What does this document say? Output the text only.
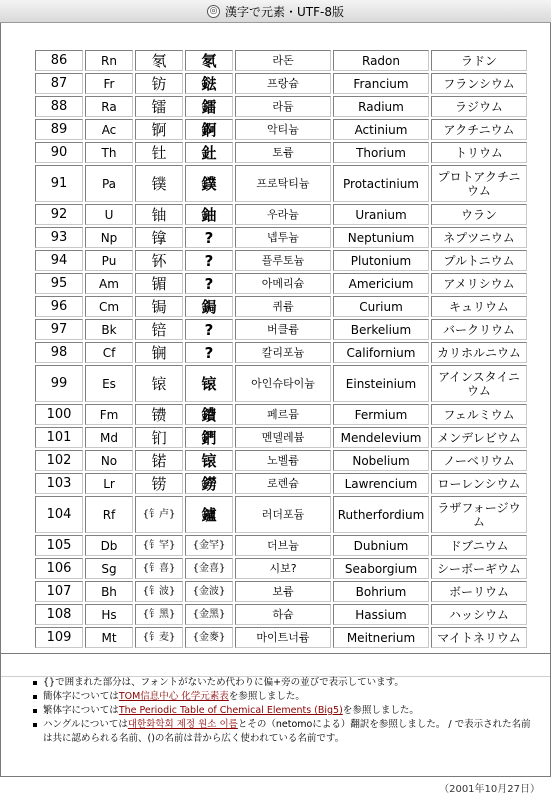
◎ 漢字で元素・UTF-8版
86	Rn	氡	氡	라돈	Radon	ラドン
87	Fr	钫	鍅	프랑슘	Francium	フランシウム
88	Ra	镭	鐳	라듐	Radium	ラジウム
89	Ac	锕	錒	악티늄	Actinium	アクチニウム
90	Th	钍	釷	토륨	Thorium	トリウム
91	Pa	镤	鏷	프로탁티늄	Protactinium	プロトアクチニウム
92	U	铀	鈾	우라늄	Uranium	ウラン
93	Np	镎	?	넵투늄	Neptunium	ネプツニウム
94	Pu	钚	?	플루토늄	Plutonium	プルトニウム
95	Am	镅	?	아메리슘	Americium	アメリシウム
96	Cm	锔	鋦	퀴륨	Curium	キュリウム
97	Bk	锫	?	버클륨	Berkelium	バークリウム
98	Cf	锎	?	칼리포늄	Californium	カリホルニウム
99	Es	锿	锿	아인슈타이늄	Einsteinium	アインスタイニウム
100	Fm	镄	鐨	페르뮴	Fermium	フェルミウム
101	Md	钔	鍆	멘델레븀	Mendelevium	メンデレビウム
102	No	锘	锿	노벨륨	Nobelium	ノーベリウム
103	Lr	铹	鐒	로렌슘	Lawrencium	ローレンシウム
104	Rf	{钅卢}	鑪	러더포듐	Rutherfordium	ラザフォージウム
105	Db	{钅罕}	{金罕}	더브늄	Dubnium	ドブニウム
106	Sg	{钅喜}	{金喜}	시보?	Seaborgium	シーボーギウム
107	Bh	{钅波}	{金波}	보륨	Bohrium	ボーリウム
108	Hs	{钅黑}	{金黑}	하슘	Hassium	ハッシウム
109	Mt	{钅麦}	{金麥}	마이트너륨	Meitnerium	マイトネリウム
{}で囲まれた部分は、フォントがないため代わりに偏+旁の並びで表示しています。
簡体字についてはTOM信息中心 化学元素表を参照しました。
繁体字についてはThe Periodic Table of Chemical Elements (Big5)を参照しました。
ハングルについては대한화학회 제정 원소 이름とその（netomoによる）翻訳を参照しました。 / で表示された名前は共に認められる名前、()の名前は昔から広く使われている名前です。
（2001年10月27日）
